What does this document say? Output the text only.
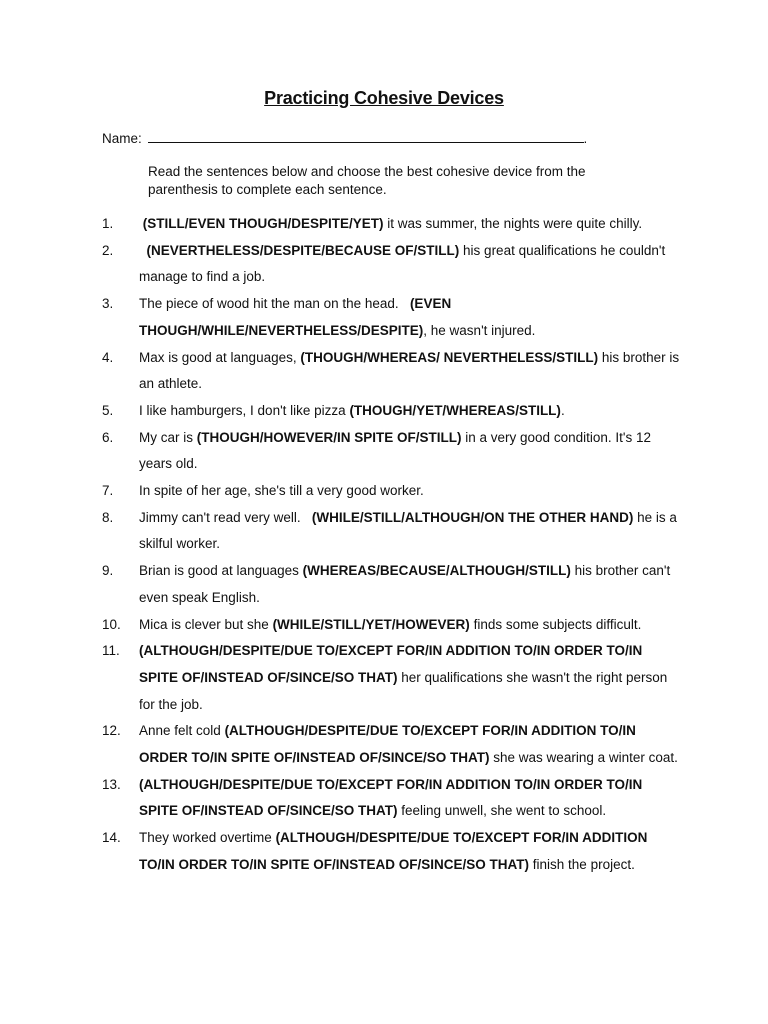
Practicing Cohesive Devices
Name:	.
Read the sentences below and choose the best cohesive device from the parenthesis to complete each sentence.
1. (STILL/EVEN THOUGH/DESPITE/YET) it was summer, the nights were quite chilly.
2. (NEVERTHELESS/DESPITE/BECAUSE OF/STILL) his great qualifications he couldn't manage to find a job.
3. The piece of wood hit the man on the head.   (EVEN THOUGH/WHILE/NEVERTHELESS/DESPITE), he wasn't injured.
4. Max is good at languages, (THOUGH/WHEREAS/ NEVERTHELESS/STILL) his brother is an athlete.
5. I like hamburgers, I don't like pizza (THOUGH/YET/WHEREAS/STILL).
6. My car is (THOUGH/HOWEVER/IN SPITE OF/STILL) in a very good condition. It's 12 years old.
7. In spite of her age, she's till a very good worker.
8. Jimmy can't read very well.   (WHILE/STILL/ALTHOUGH/ON THE OTHER HAND) he is a skilful worker.
9. Brian is good at languages (WHEREAS/BECAUSE/ALTHOUGH/STILL) his brother can't even speak English.
10. Mica is clever but she (WHILE/STILL/YET/HOWEVER) finds some subjects difficult.
11. (ALTHOUGH/DESPITE/DUE TO/EXCEPT FOR/IN ADDITION TO/IN ORDER TO/IN SPITE OF/INSTEAD OF/SINCE/SO THAT) her qualifications she wasn't the right person for the job.
12. Anne felt cold (ALTHOUGH/DESPITE/DUE TO/EXCEPT FOR/IN ADDITION TO/IN ORDER TO/IN SPITE OF/INSTEAD OF/SINCE/SO THAT) she was wearing a winter coat.
13. (ALTHOUGH/DESPITE/DUE TO/EXCEPT FOR/IN ADDITION TO/IN ORDER TO/IN SPITE OF/INSTEAD OF/SINCE/SO THAT) feeling unwell, she went to school.
14. They worked overtime (ALTHOUGH/DESPITE/DUE TO/EXCEPT FOR/IN ADDITION TO/IN ORDER TO/IN SPITE OF/INSTEAD OF/SINCE/SO THAT) finish the project.
